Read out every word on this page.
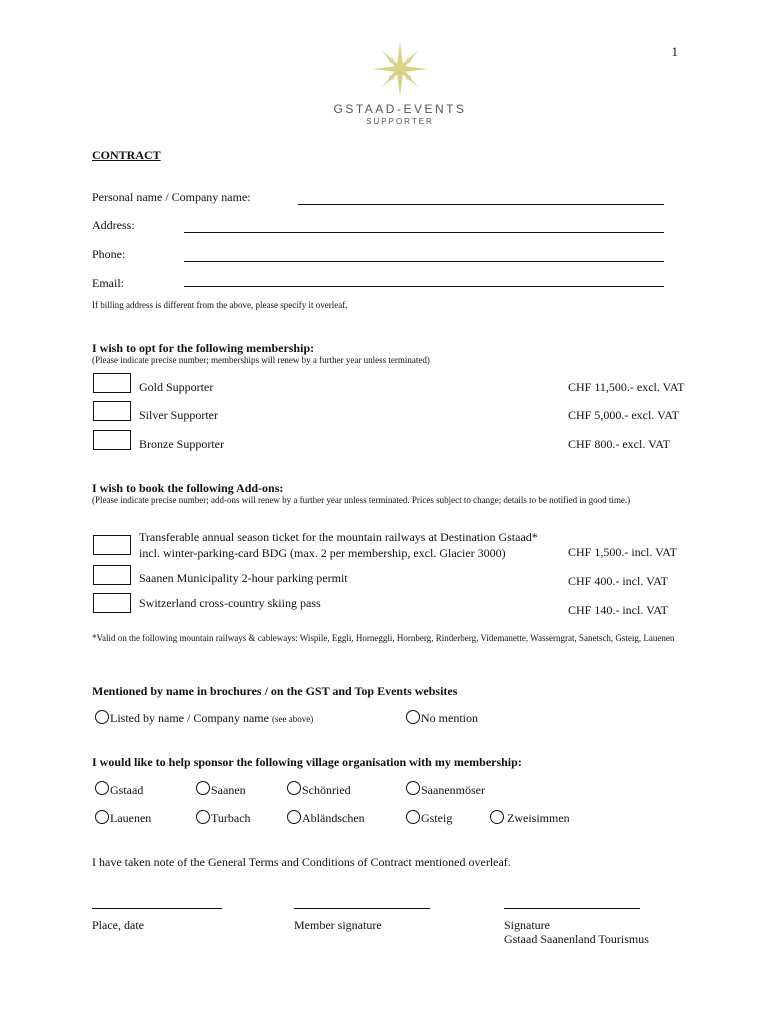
1
GSTAAD-EVENTS
SUPPORTER
CONTRACT
Personal name / Company name:
Address:
Phone:
Email:
If billing address is different from the above, please specify it overleaf.
I wish to opt for the following membership:
(Please indicate precise number; memberships will renew by a further year unless terminated)
Gold Supporter	CHF 11,500.- excl. VAT
Silver Supporter	CHF 5,000.- excl. VAT
Bronze Supporter	CHF 800.- excl. VAT
I wish to book the following Add-ons:
(Please indicate precise number; add-ons will renew by a further year unless terminated. Prices subject to change; details to be notified in good time.)
Transferable annual season ticket for the mountain railways at Destination Gstaad*
incl. winter-parking-card BDG (max. 2 per membership, excl. Glacier 3000)	CHF 1,500.- incl. VAT
Saanen Municipality 2-hour parking permit	CHF 400.- incl. VAT
Switzerland cross-country skiing pass	CHF 140.- incl. VAT
*Valid on the following mountain railways & cableways: Wispile, Eggli, Horneggli, Hornberg, Rinderberg, Videmanette, Wasserngrat, Sanetsch, Gsteig, Lauenen
Mentioned by name in brochures / on the GST and Top Events websites
Listed by name / Company name (see above)	No mention
I would like to help sponsor the following village organisation with my membership:
Gstaad	Saanen	Schönried	Saanenmöser
Lauenen	Turbach	Abländschen	Gsteig	Zweisimmen
I have taken note of the General Terms and Conditions of Contract mentioned overleaf.
Place, date	Member signature	Signature
Gstaad Saanenland Tourismus
